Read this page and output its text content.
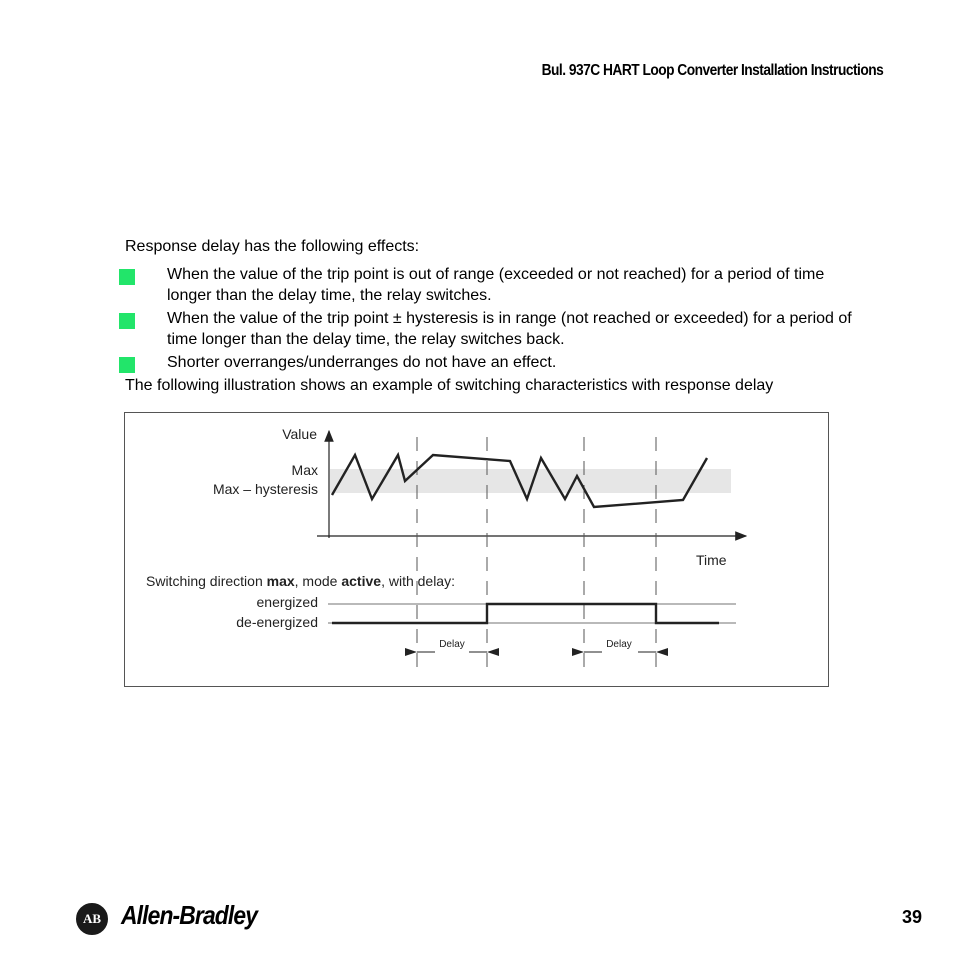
Bul. 937C HART Loop Converter Installation Instructions
Response delay has the following effects:
When the value of the trip point is out of range (exceeded or not reached) for a period of time longer than the delay time, the relay switches.
When the value of the trip point ± hysteresis is in range (not reached or exceeded) for a period of time longer than the delay time, the relay switches back.
Shorter overranges/underranges do not have an effect.
The following illustration shows an example of switching characteristics with response delay
Value
Max
Max – hysteresis
Time
Switching direction max, mode active, with delay:
energized
de-energized
Delay	Delay
AB Allen-Bradley	39
